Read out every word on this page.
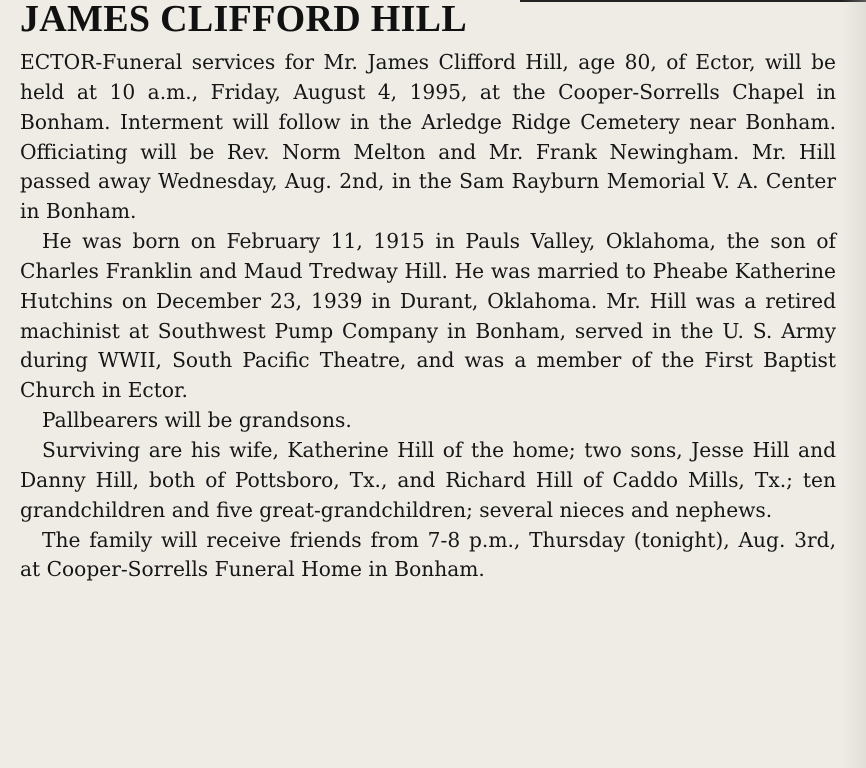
JAMES CLIFFORD HILL

ECTOR-Funeral services for Mr. James Clifford Hill, age 80, of Ector, will be held at 10 a.m., Friday, August 4, 1995, at the Cooper-Sorrells Chapel in Bonham. Interment will follow in the Arledge Ridge Cemetery near Bonham. Officiating will be Rev. Norm Melton and Mr. Frank Newingham. Mr. Hill passed away Wednesday, Aug. 2nd, in the Sam Rayburn Memorial V. A. Center in Bonham.

He was born on February 11, 1915 in Pauls Valley, Oklahoma, the son of Charles Franklin and Maud Tredway Hill. He was married to Pheabe Katherine Hutchins on December 23, 1939 in Durant, Oklahoma. Mr. Hill was a retired machinist at Southwest Pump Company in Bonham, served in the U. S. Army during WWII, South Pacific Theatre, and was a member of the First Baptist Church in Ector.

Pallbearers will be grandsons.

Surviving are his wife, Katherine Hill of the home; two sons, Jesse Hill and Danny Hill, both of Pottsboro, Tx., and Richard Hill of Caddo Mills, Tx.; ten grandchildren and five great-grandchildren; several nieces and nephews.

The family will receive friends from 7-8 p.m., Thursday (tonight), Aug. 3rd, at Cooper-Sorrells Funeral Home in Bonham.
